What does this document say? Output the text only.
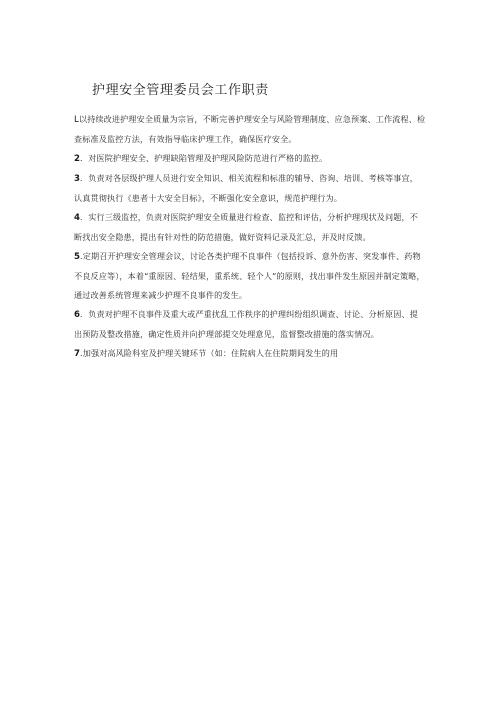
护理安全管理委员会工作职责

L以持续改进护理安全质量为宗旨，不断完善护理安全与风险管理制度、应急预案、工作流程、检查标准及监控方法，有效指导临床护理工作，确保医疗安全。

2．对医院护理安全、护理缺陷管理及护理风险防范进行严格的监控。

3．负责对各层级护理人员进行安全知识、相关流程和标准的辅导、咨询、培训、考核等事宜，认真贯彻执行《患者十大安全目标》，不断强化安全意识，规范护理行为。

4．实行三级监控，负责对医院护理安全质量进行检查、监控和评估，分析护理现状及问题，不断找出安全隐患，提出有针对性的防范措施，做好资料记录及汇总，并及时反馈。

5.定期召开护理安全管理会议，讨论各类护理不良事件（包括投诉、意外伤害、突发事件、药物不良反应等），本着“重原因、轻结果，重系统、轻个人”的原则，找出事件发生原因并制定策略，通过改善系统管理来减少护理不良事件的发生。

6．负责对护理不良事件及重大或严重扰乱工作秩序的护理纠纷组织调查、讨论、分析原因、提出预防及整改措施，确定性质并向护理部提交处理意见，监督整改措施的落实情况。

7.加强对高风险科室及护理关键环节（如：住院病人在住院期间发生的用
